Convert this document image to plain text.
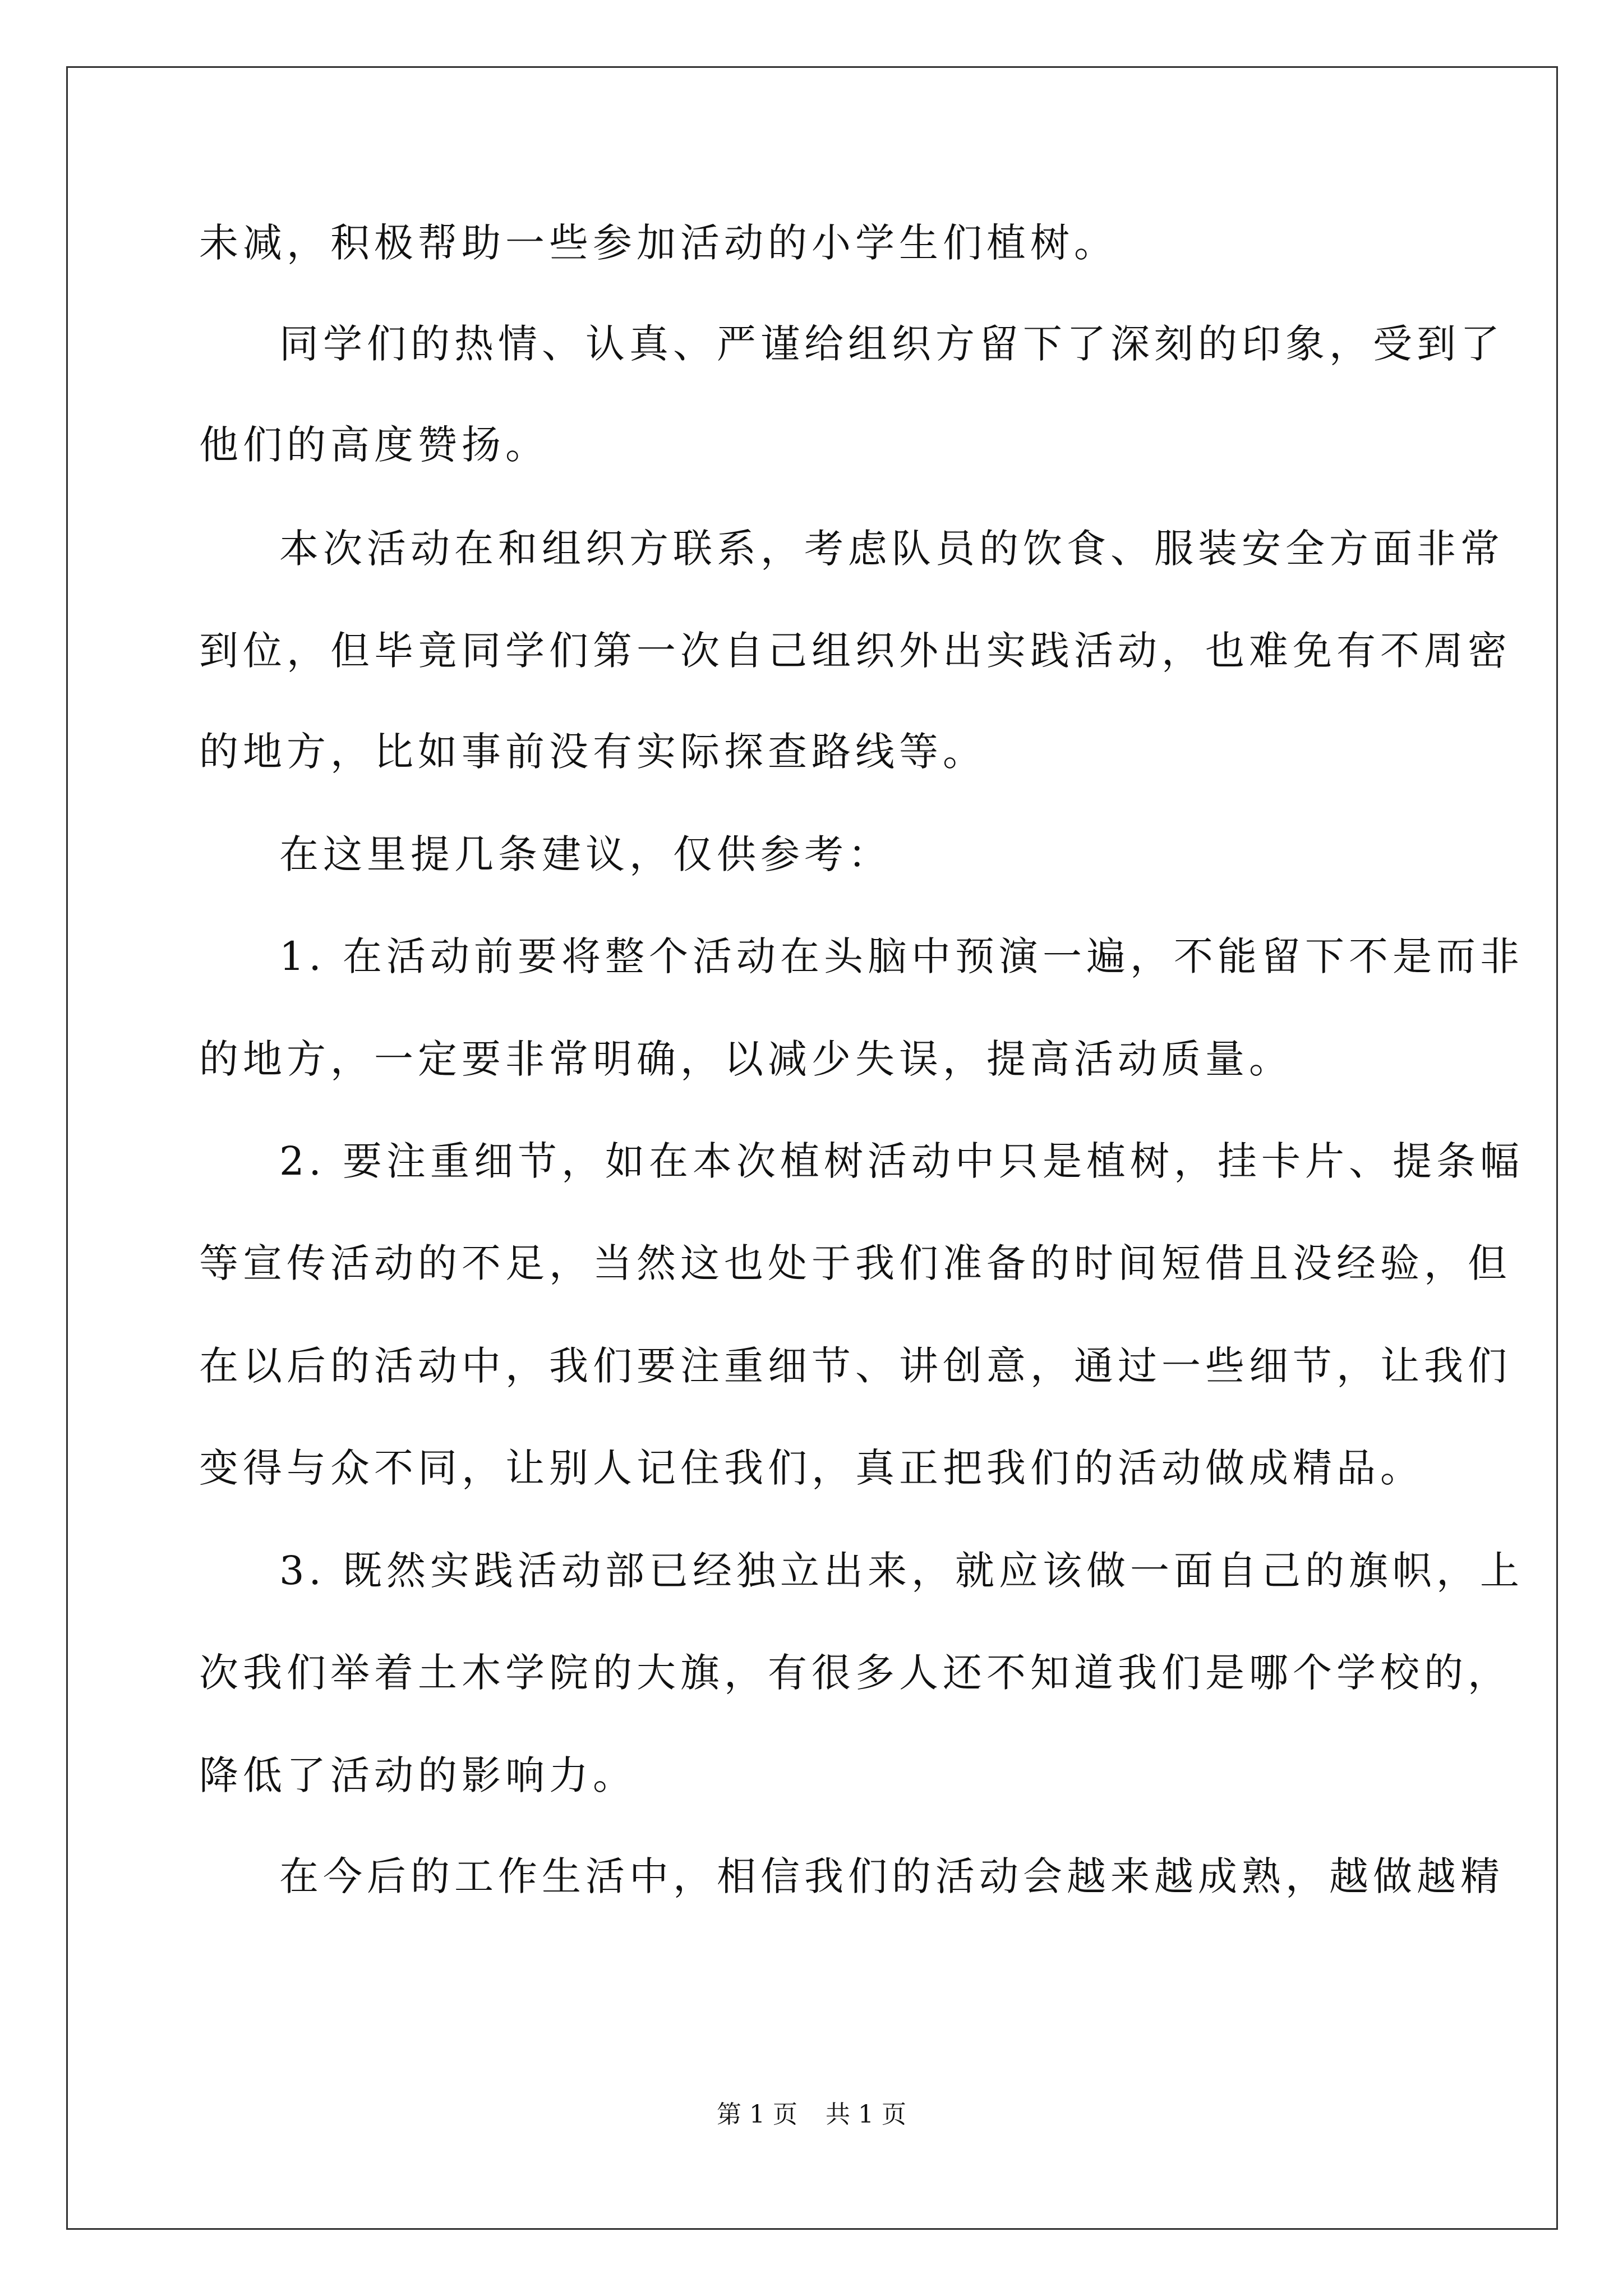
未减，积极帮助一些参加活动的小学生们植树。
同学们的热情、认真、严谨给组织方留下了深刻的印象，受到了
他们的高度赞扬。
本次活动在和组织方联系，考虑队员的饮食、服装安全方面非常
到位，但毕竟同学们第一次自己组织外出实践活动，也难免有不周密
的地方，比如事前没有实际探查路线等。
在这里提几条建议，仅供参考：
1. 在活动前要将整个活动在头脑中预演一遍，不能留下不是而非
的地方，一定要非常明确，以减少失误，提高活动质量。
2. 要注重细节，如在本次植树活动中只是植树，挂卡片、提条幅
等宣传活动的不足，当然这也处于我们准备的时间短借且没经验，但
在以后的活动中，我们要注重细节、讲创意，通过一些细节，让我们
变得与众不同，让别人记住我们，真正把我们的活动做成精品。
3. 既然实践活动部已经独立出来，就应该做一面自己的旗帜，上
次我们举着土木学院的大旗，有很多人还不知道我们是哪个学校的，
降低了活动的影响力。
在今后的工作生活中，相信我们的活动会越来越成熟，越做越精
第 1 页 共 1 页
